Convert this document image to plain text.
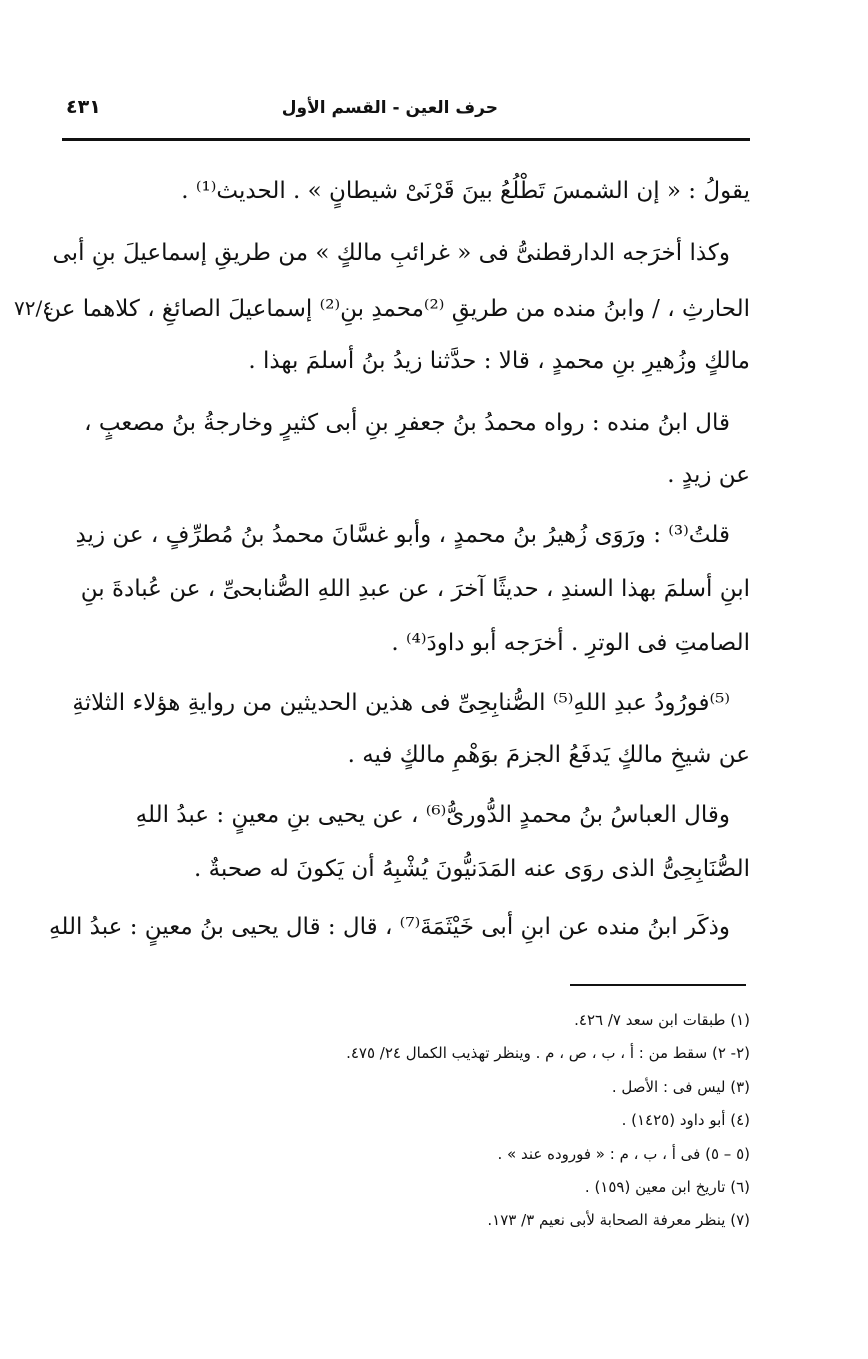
حرف العين - القسم الأول
٤٣١
٧٢/٤
يقولُ : « إن الشمسَ تَطْلُعُ بينَ قَرْنَىْ شيطانٍ » . الحديث⁽¹⁾ .
وكذا أخرَجه الدارقطنىُّ فى « غرائبِ مالكٍ » من طريقِ إسماعيلَ بنِ أبى
الحارثِ ، / وابنُ منده من طريقِ ⁽²⁾محمدِ بنِ⁽²⁾ إسماعيلَ الصائغِ ، كلاهما عن
مالكٍ وزُهيرِ بنِ محمدٍ ، قالا : حدَّثنا زيدُ بنُ أسلمَ بهذا .
قال ابنُ منده : رواه محمدُ بنُ جعفرِ بنِ أبى كثيرٍ وخارجةُ بنُ مصعبٍ ،
عن زيدٍ .
قلتُ⁽³⁾ : ورَوَى زُهيرُ بنُ محمدٍ ، وأبو غسَّانَ محمدُ بنُ مُطرِّفٍ ، عن زيدِ
ابنِ أسلمَ بهذا السندِ ، حديثًا آخرَ ، عن عبدِ اللهِ الصُّنابحىِّ ، عن عُبادةَ بنِ
الصامتِ فى الوترِ . أخرَجه أبو داودَ⁽⁴⁾ .
⁽⁵⁾فورُودُ عبدِ اللهِ⁽⁵⁾ الصُّنابِحِىِّ فى هذين الحديثين من روايةِ هؤلاء الثلاثةِ
عن شيخِ مالكٍ يَدفَعُ الجزمَ بوَهْمِ مالكٍ فيه .
وقال العباسُ بنُ محمدٍ الدُّورىُّ⁽⁶⁾ ، عن يحيى بنِ معينٍ : عبدُ اللهِ
الصُّنَابِحِىُّ الذى روَى عنه المَدَنيُّونَ يُشْبِهُ أن يَكونَ له صحبةٌ .
وذكَر ابنُ منده عن ابنِ أبى خَيْثَمَةَ⁽⁷⁾ ، قال : قال يحيى بنُ معينٍ : عبدُ اللهِ
(١) طبقات ابن سعد ٧/ ٤٢٦.
(٢- ٢) سقط من : أ ، ب ، ص ، م . وينظر تهذيب الكمال ٢٤/ ٤٧٥.
(٣) ليس فى : الأصل .
(٤) أبو داود (١٤٢٥) .
(٥ – ٥) فى أ ، ب ، م : « فوروده عند » .
(٦) تاريخ ابن معين (١٥٩) .
(٧) ينظر معرفة الصحابة لأبى نعيم ٣/ ١٧٣.
